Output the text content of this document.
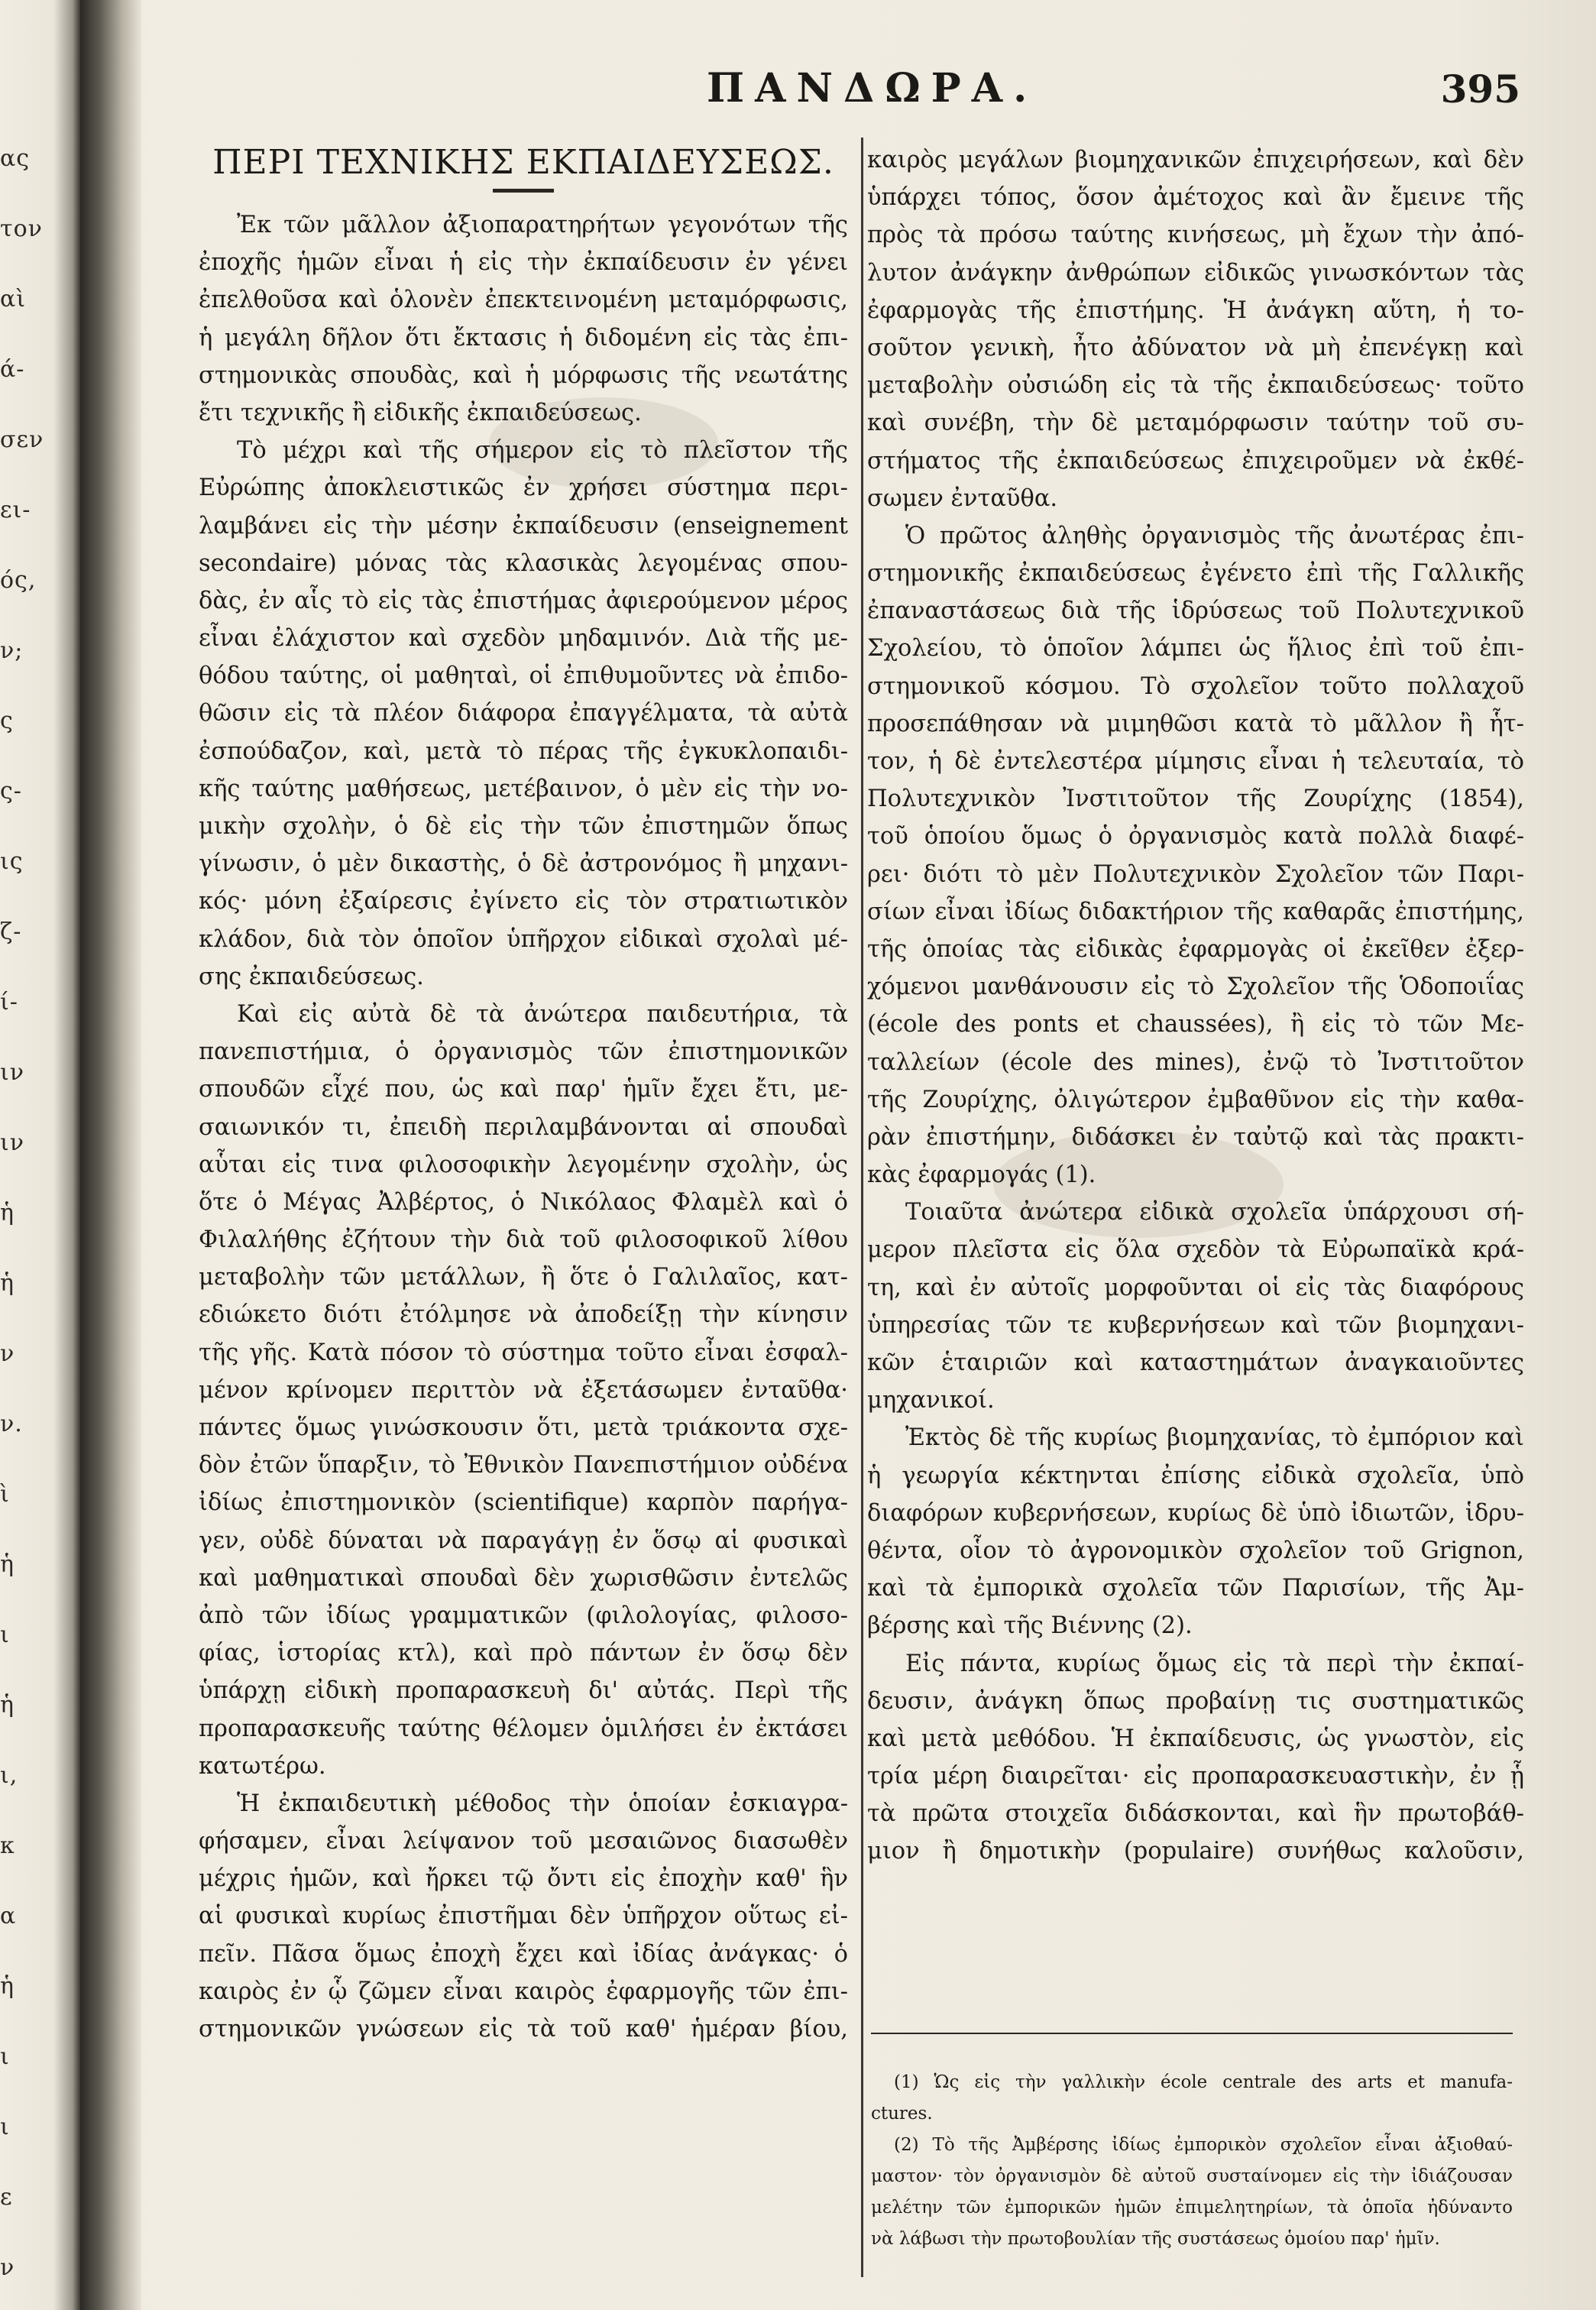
ας
τον
αὶ
ά-
σεν
ει-
ός,
ν;
ς
ς-
ις
ζ-
ί-
ιν
ιν
ἡ
ἡ
ν
ν.
ὶ
ἡ
ι
ἡ
ι,
κ
α
ἡ
ι
ι
ε
ν
ΠΑΝΔΩΡΑ.	395
ΠΕΡΙ ΤΕΧΝΙΚΗΣ ΕΚΠΑΙΔΕΥΣΕΩΣ.
Ἐκ τῶν μᾶλλον ἀξιοπαρατηρήτων γεγονότων τῆς
ἐποχῆς ἡμῶν εἶναι ἡ εἰς τὴν ἐκπαίδευσιν ἐν γένει
ἐπελθοῦσα καὶ ὁλονὲν ἐπεκτεινομένη μεταμόρφωσις,
ἡ μεγάλη δῆλον ὅτι ἔκτασις ἡ διδομένη εἰς τὰς ἐπι-
στημονικὰς σπουδὰς, καὶ ἡ μόρφωσις τῆς νεωτάτης
ἔτι τεχνικῆς ἢ εἰδικῆς ἐκπαιδεύσεως.
Τὸ μέχρι καὶ τῆς σήμερον εἰς τὸ πλεῖστον τῆς
Εὐρώπης ἀποκλειστικῶς ἐν χρήσει σύστημα περι-
λαμβάνει εἰς τὴν μέσην ἐκπαίδευσιν (enseignement
secondaire) μόνας τὰς κλασικὰς λεγομένας σπου-
δὰς, ἐν αἷς τὸ εἰς τὰς ἐπιστήμας ἀφιερούμενον μέρος
εἶναι ἐλάχιστον καὶ σχεδὸν μηδαμινόν. Διὰ τῆς με-
θόδου ταύτης, οἱ μαθηταὶ, οἱ ἐπιθυμοῦντες νὰ ἐπιδο-
θῶσιν εἰς τὰ πλέον διάφορα ἐπαγγέλματα, τὰ αὐτὰ
ἐσπούδαζον, καὶ, μετὰ τὸ πέρας τῆς ἐγκυκλοπαιδι-
κῆς ταύτης μαθήσεως, μετέβαινον, ὁ μὲν εἰς τὴν νο-
μικὴν σχολὴν, ὁ δὲ εἰς τὴν τῶν ἐπιστημῶν ὅπως
γίνωσιν, ὁ μὲν δικαστὴς, ὁ δὲ ἀστρονόμος ἢ μηχανι-
κός· μόνη ἐξαίρεσις ἐγίνετο εἰς τὸν στρατιωτικὸν
κλάδον, διὰ τὸν ὁποῖον ὑπῆρχον εἰδικαὶ σχολαὶ μέ-
σης ἐκπαιδεύσεως.
Καὶ εἰς αὐτὰ δὲ τὰ ἀνώτερα παιδευτήρια, τὰ
πανεπιστήμια, ὁ ὀργανισμὸς τῶν ἐπιστημονικῶν
σπουδῶν εἶχέ που, ὡς καὶ παρ' ἡμῖν ἔχει ἔτι, με-
σαιωνικόν τι, ἐπειδὴ περιλαμβάνονται αἱ σπουδαὶ
αὗται εἰς τινα φιλοσοφικὴν λεγομένην σχολὴν, ὡς
ὅτε ὁ Μέγας Ἀλβέρτος, ὁ Νικόλαος Φλαμὲλ καὶ ὁ
Φιλαλήθης ἐζήτουν τὴν διὰ τοῦ φιλοσοφικοῦ λίθου
μεταβολὴν τῶν μετάλλων, ἢ ὅτε ὁ Γαλιλαῖος, κατ-
εδιώκετο διότι ἐτόλμησε νὰ ἀποδείξῃ τὴν κίνησιν
τῆς γῆς. Κατὰ πόσον τὸ σύστημα τοῦτο εἶναι ἐσφαλ-
μένον κρίνομεν περιττὸν νὰ ἐξετάσωμεν ἐνταῦθα·
πάντες ὅμως γινώσκουσιν ὅτι, μετὰ τριάκοντα σχε-
δὸν ἐτῶν ὕπαρξιν, τὸ Ἐθνικὸν Πανεπιστήμιον οὐδένα
ἰδίως ἐπιστημονικὸν (scientifique) καρπὸν παρήγα-
γεν, οὐδὲ δύναται νὰ παραγάγῃ ἐν ὅσῳ αἱ φυσικαὶ
καὶ μαθηματικαὶ σπουδαὶ δὲν χωρισθῶσιν ἐντελῶς
ἀπὸ τῶν ἰδίως γραμματικῶν (φιλολογίας, φιλοσο-
φίας, ἱστορίας κτλ), καὶ πρὸ πάντων ἐν ὅσῳ δὲν
ὑπάρχῃ εἰδικὴ προπαρασκευὴ δι' αὐτάς. Περὶ τῆς
προπαρασκευῆς ταύτης θέλομεν ὁμιλήσει ἐν ἐκτάσει
κατωτέρω.
Ἡ ἐκπαιδευτικὴ μέθοδος τὴν ὁποίαν ἐσκιαγρα-
φήσαμεν, εἶναι λείψανον τοῦ μεσαιῶνος διασωθὲν
μέχρις ἡμῶν, καὶ ἤρκει τῷ ὄντι εἰς ἐποχὴν καθ' ἣν
αἱ φυσικαὶ κυρίως ἐπιστῆμαι δὲν ὑπῆρχον οὕτως εἰ-
πεῖν. Πᾶσα ὅμως ἐποχὴ ἔχει καὶ ἰδίας ἀνάγκας· ὁ
καιρὸς ἐν ᾧ ζῶμεν εἶναι καιρὸς ἐφαρμογῆς τῶν ἐπι-
στημονικῶν γνώσεων εἰς τὰ τοῦ καθ' ἡμέραν βίου,
καιρὸς μεγάλων βιομηχανικῶν ἐπιχειρήσεων, καὶ δὲν
ὑπάρχει τόπος, ὅσον ἀμέτοχος καὶ ἂν ἔμεινε τῆς
πρὸς τὰ πρόσω ταύτης κινήσεως, μὴ ἔχων τὴν ἀπό-
λυτον ἀνάγκην ἀνθρώπων εἰδικῶς γινωσκόντων τὰς
ἐφαρμογὰς τῆς ἐπιστήμης. Ἡ ἀνάγκη αὕτη, ἡ το-
σοῦτον γενικὴ, ἦτο ἀδύνατον νὰ μὴ ἐπενέγκῃ καὶ
μεταβολὴν οὐσιώδη εἰς τὰ τῆς ἐκπαιδεύσεως· τοῦτο
καὶ συνέβη, τὴν δὲ μεταμόρφωσιν ταύτην τοῦ συ-
στήματος τῆς ἐκπαιδεύσεως ἐπιχειροῦμεν νὰ ἐκθέ-
σωμεν ἐνταῦθα.
Ὁ πρῶτος ἀληθὴς ὀργανισμὸς τῆς ἀνωτέρας ἐπι-
στημονικῆς ἐκπαιδεύσεως ἐγένετο ἐπὶ τῆς Γαλλικῆς
ἐπαναστάσεως διὰ τῆς ἱδρύσεως τοῦ Πολυτεχνικοῦ
Σχολείου, τὸ ὁποῖον λάμπει ὡς ἥλιος ἐπὶ τοῦ ἐπι-
στημονικοῦ κόσμου. Τὸ σχολεῖον τοῦτο πολλαχοῦ
προσεπάθησαν νὰ μιμηθῶσι κατὰ τὸ μᾶλλον ἢ ἧτ-
τον, ἡ δὲ ἐντελεστέρα μίμησις εἶναι ἡ τελευταία, τὸ
Πολυτεχνικὸν Ἰνστιτοῦτον τῆς Ζουρίχης (1854),
τοῦ ὁποίου ὅμως ὁ ὀργανισμὸς κατὰ πολλὰ διαφέ-
ρει· διότι τὸ μὲν Πολυτεχνικὸν Σχολεῖον τῶν Παρι-
σίων εἶναι ἰδίως διδακτήριον τῆς καθαρᾶς ἐπιστήμης,
τῆς ὁποίας τὰς εἰδικὰς ἐφαρμογὰς οἱ ἐκεῖθεν ἐξερ-
χόμενοι μανθάνουσιν εἰς τὸ Σχολεῖον τῆς Ὁδοποιΐας
(école des ponts et chaussées), ἢ εἰς τὸ τῶν Με-
ταλλείων (école des mines), ἐνῷ τὸ Ἰνστιτοῦτον
τῆς Ζουρίχης, ὀλιγώτερον ἐμβαθῦνον εἰς τὴν καθα-
ρὰν ἐπιστήμην, διδάσκει ἐν ταὐτῷ καὶ τὰς πρακτι-
κὰς ἐφαρμογάς (1).
Τοιαῦτα ἀνώτερα εἰδικὰ σχολεῖα ὑπάρχουσι σή-
μερον πλεῖστα εἰς ὅλα σχεδὸν τὰ Εὐρωπαϊκὰ κρά-
τη, καὶ ἐν αὐτοῖς μορφοῦνται οἱ εἰς τὰς διαφόρους
ὑπηρεσίας τῶν τε κυβερνήσεων καὶ τῶν βιομηχανι-
κῶν ἑταιριῶν καὶ καταστημάτων ἀναγκαιοῦντες
μηχανικοί.
Ἐκτὸς δὲ τῆς κυρίως βιομηχανίας, τὸ ἐμπόριον καὶ
ἡ γεωργία κέκτηνται ἐπίσης εἰδικὰ σχολεῖα, ὑπὸ
διαφόρων κυβερνήσεων, κυρίως δὲ ὑπὸ ἰδιωτῶν, ἱδρυ-
θέντα, οἷον τὸ ἀγρονομικὸν σχολεῖον τοῦ Grignon,
καὶ τὰ ἐμπορικὰ σχολεῖα τῶν Παρισίων, τῆς Ἀμ-
βέρσης καὶ τῆς Βιέννης (2).
Εἰς πάντα, κυρίως ὅμως εἰς τὰ περὶ τὴν ἐκπαί-
δευσιν, ἀνάγκη ὅπως προβαίνῃ τις συστηματικῶς
καὶ μετὰ μεθόδου. Ἡ ἐκπαίδευσις, ὡς γνωστὸν, εἰς
τρία μέρη διαιρεῖται· εἰς προπαρασκευαστικὴν, ἐν ᾗ
τὰ πρῶτα στοιχεῖα διδάσκονται, καὶ ἣν πρωτοβάθ-
μιον ἢ δημοτικὴν (populaire) συνήθως καλοῦσιν,
(1) Ὡς εἰς τὴν γαλλικὴν école centrale des arts et manufa-
ctures.
(2) Τὸ τῆς Ἀμβέρσης ἰδίως ἐμπορικὸν σχολεῖον εἶναι ἀξιοθαύ-
μαστον· τὸν ὀργανισμὸν δὲ αὐτοῦ συσταίνομεν εἰς τὴν ἰδιάζουσαν
μελέτην τῶν ἐμπορικῶν ἡμῶν ἐπιμελητηρίων, τὰ ὁποῖα ἠδύναντο
νὰ λάβωσι τὴν πρωτοβουλίαν τῆς συστάσεως ὁμοίου παρ' ἡμῖν.
